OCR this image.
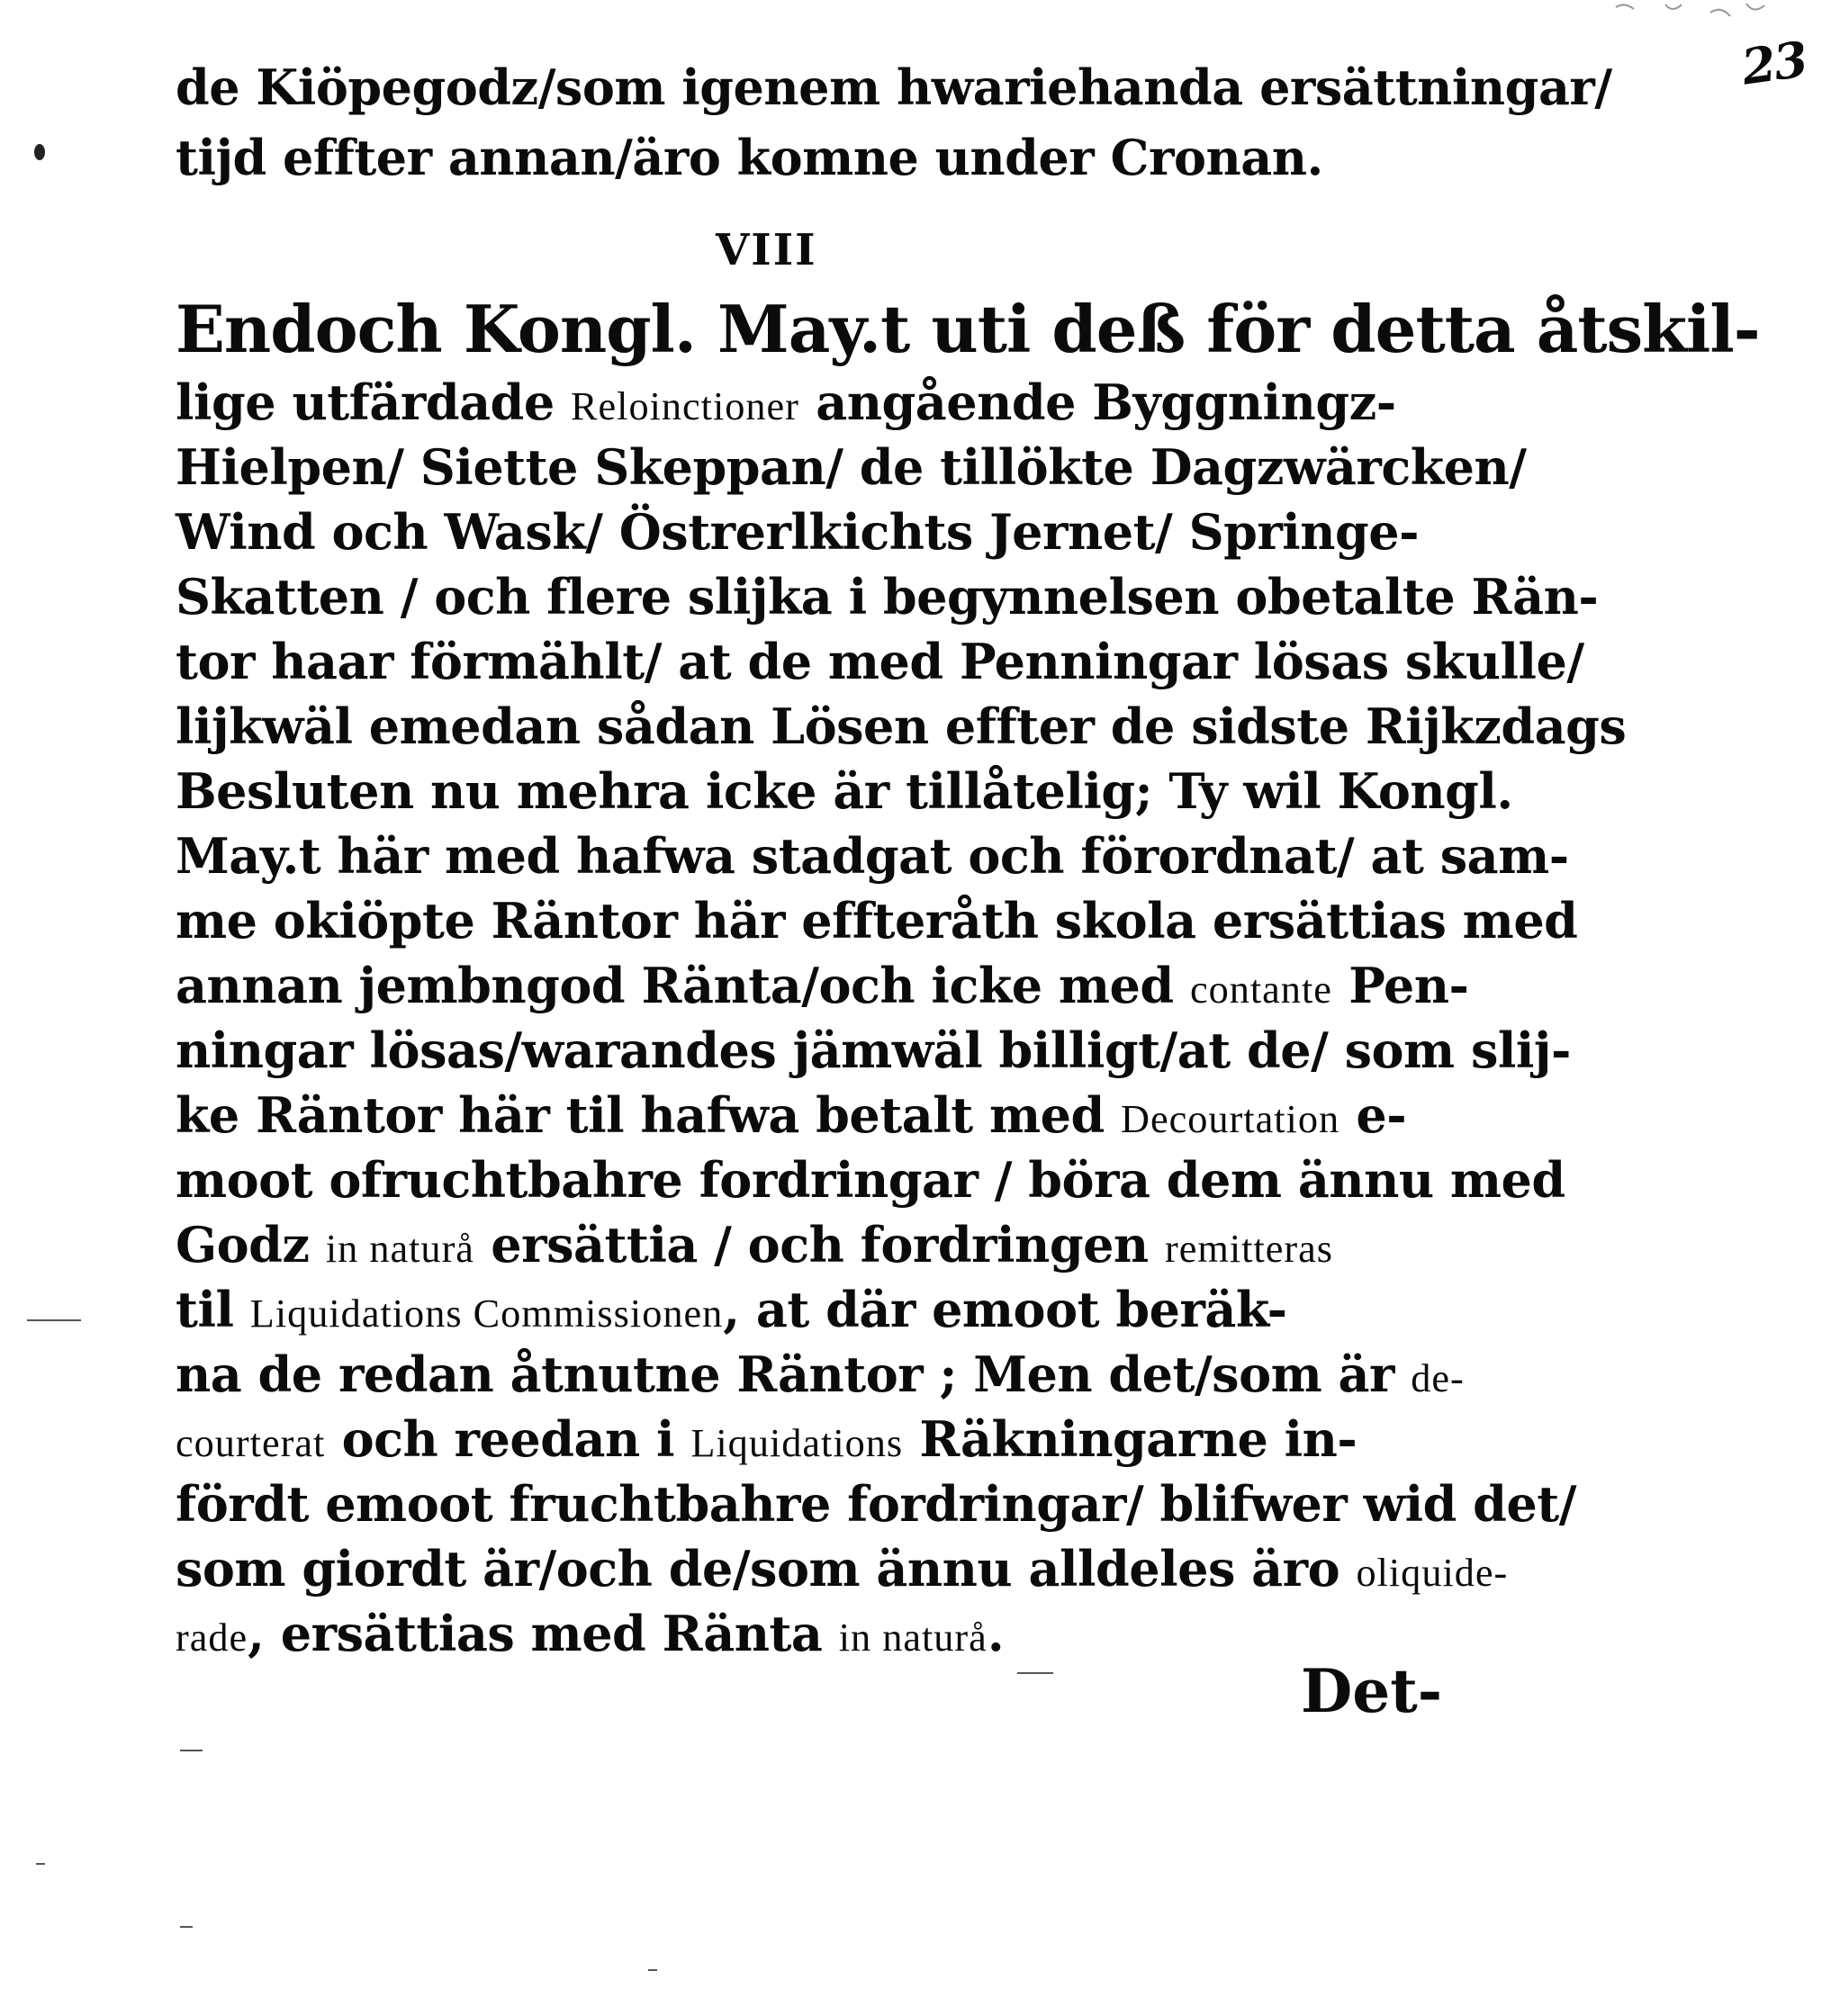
23
de Kiöpegodz/som igenem hwariehanda ersättningar/
tijd effter annan/äro komne under Cronan.
VIII
Endoch Kongl. May.t uti deß för detta åtskil-
lige utfärdade Reloinctioner angående Byggningz-
Hielpen/ Siette Skeppan/ de tillökte Dagzwärcken/
Wind och Wask/ Östrerlkichts Jernet/ Springe-
Skatten / och flere slijka i begynnelsen obetalte Rän-
tor haar förmählt/ at de med Penningar lösas skulle/
lijkwäl emedan sådan Lösen effter de sidste Rijkzdags
Besluten nu mehra icke är tillåtelig; Ty wil Kongl.
May.t här med hafwa stadgat och förordnat/ at sam-
me okiöpte Räntor här effteråth skola ersättias med
annan jembngod Ränta/och icke med contante Pen-
ningar lösas/warandes jämwäl billigt/at de/ som slij-
ke Räntor här til hafwa betalt med Decourtation e-
moot ofruchtbahre fordringar / böra dem ännu med
Godz in naturå ersättia / och fordringen remitteras
til Liquidations Commissionen, at där emoot beräk-
na de redan åtnutne Räntor ; Men det/som är de-
courterat och reedan i Liquidations Räkningarne in-
fördt emoot fruchtbahre fordringar/ blifwer wid det/
som giordt är/och de/som ännu alldeles äro oliquide-
rade, ersättias med Ränta in naturå.
Det-
